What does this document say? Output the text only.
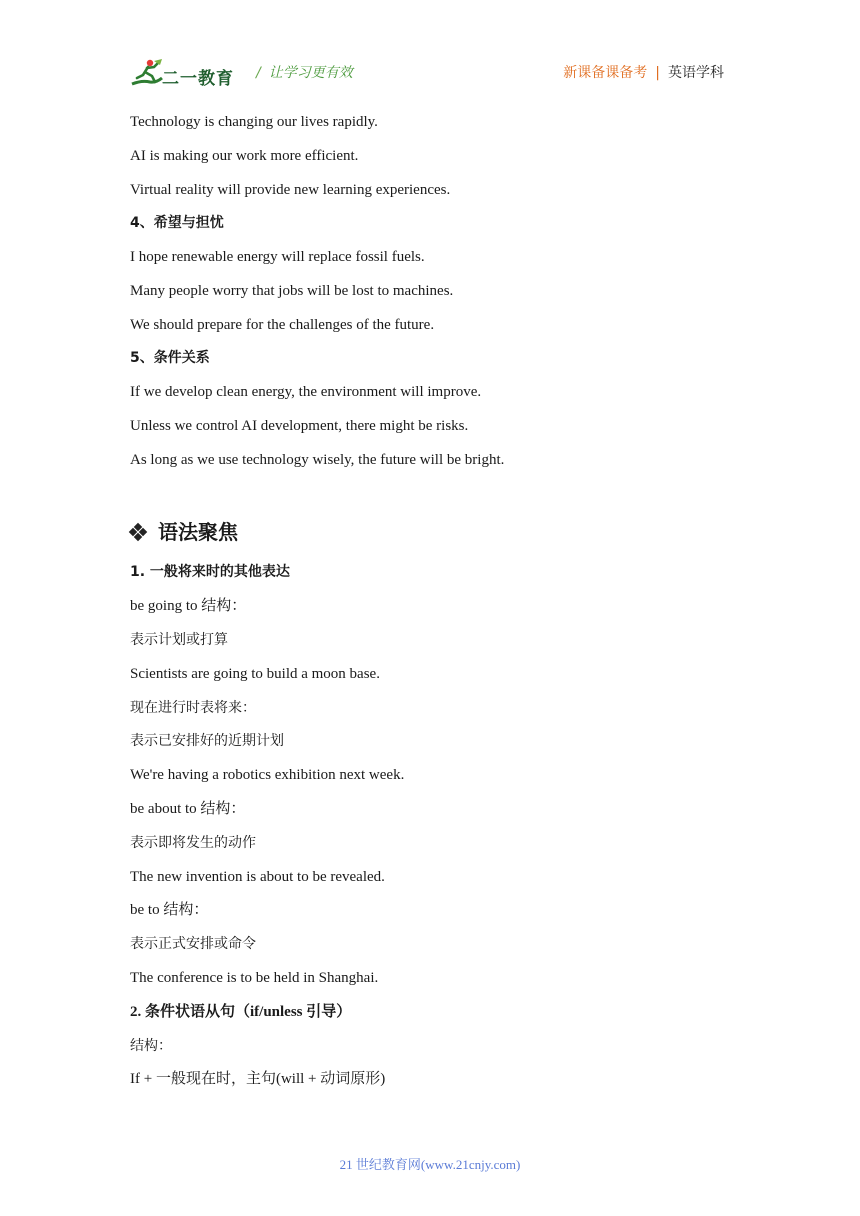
二一教育 / 让学习更有效	新课备课备考 | 英语学科
Technology is changing our lives rapidly.
AI is making our work more efficient.
Virtual reality will provide new learning experiences.
4、希望与担忧
I hope renewable energy will replace fossil fuels.
Many people worry that jobs will be lost to machines.
We should prepare for the challenges of the future.
5、条件关系
If we develop clean energy, the environment will improve.
Unless we control AI development, there might be risks.
As long as we use technology wisely, the future will be bright.
语法聚焦
1. 一般将来时的其他表达
be going to 结构：
表示计划或打算
Scientists are going to build a moon base.
现在进行时表将来：
表示已安排好的近期计划
We're having a robotics exhibition next week.
be about to 结构：
表示即将发生的动作
The new invention is about to be revealed.
be to 结构：
表示正式安排或命令
The conference is to be held in Shanghai.
2. 条件状语从句（if/unless 引导）
结构：
If + 一般现在时，主句(will + 动词原形)
21 世纪教育网(www.21cnjy.com)
